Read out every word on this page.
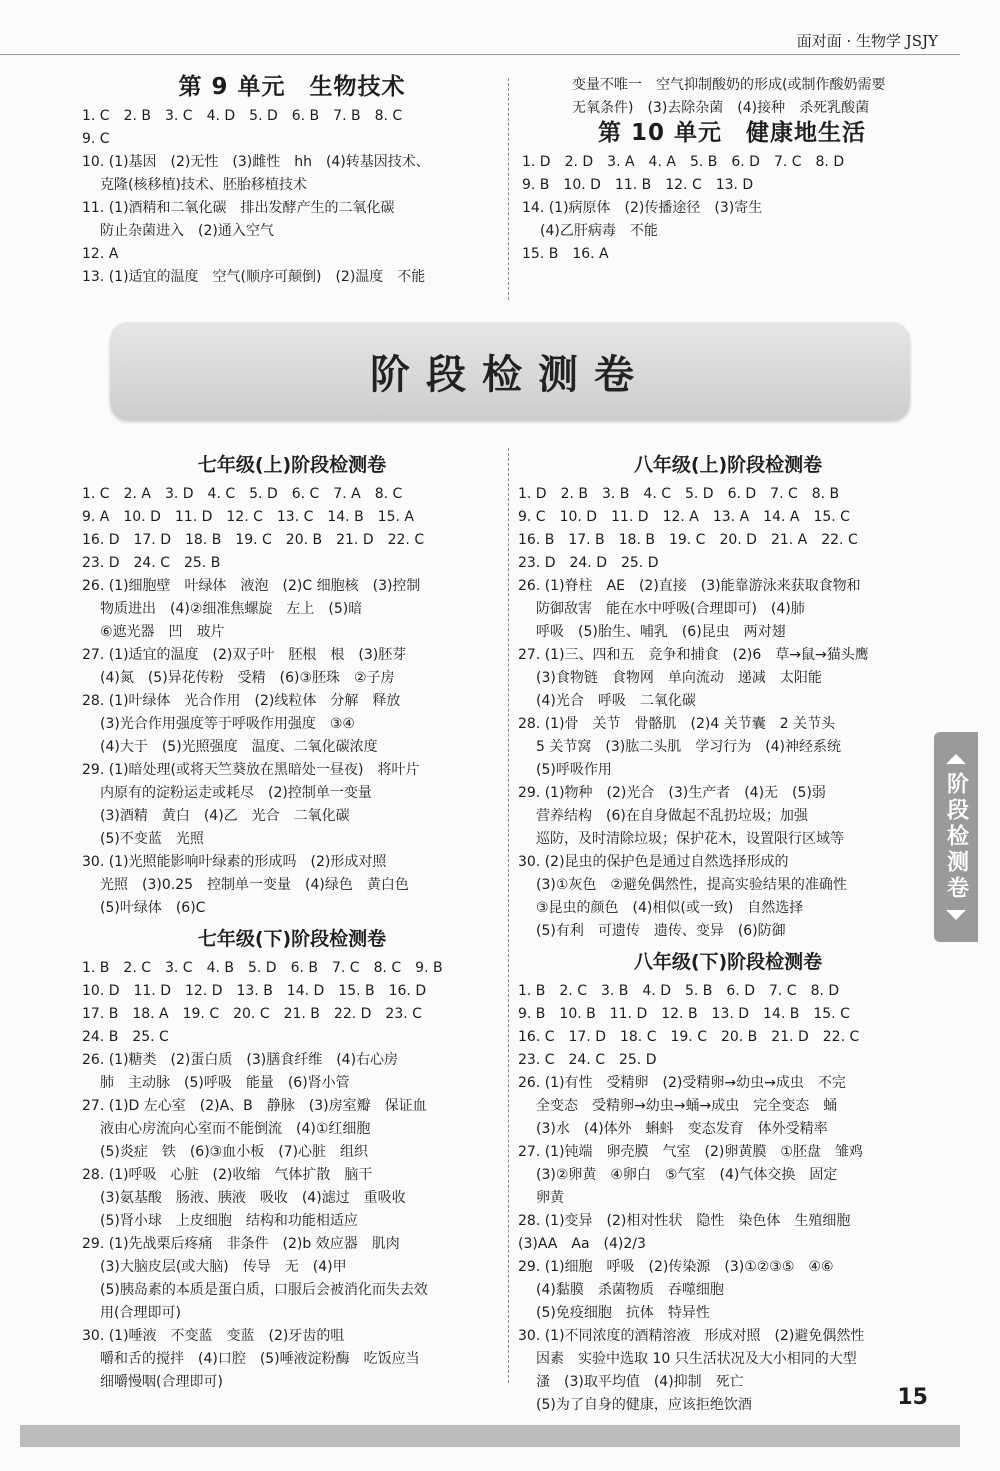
面对面 · 生物学 JSJY
第 9 单元　生物技术
1. C　2. B　3. C　4. D　5. D　6. B　7. B　8. C
9. C
10. (1)基因　(2)无性　(3)雌性　hh　(4)转基因技术、
克隆(核移植)技术、胚胎移植技术
11. (1)酒精和二氧化碳　排出发酵产生的二氧化碳
防止杂菌进入　(2)通入空气
12. A
13. (1)适宜的温度　空气(顺序可颠倒)　(2)温度　不能
变量不唯一　空气抑制酸奶的形成(或制作酸奶需要
无氧条件)　(3)去除杂菌　(4)接种　杀死乳酸菌
第 10 单元　健康地生活
1. D　2. D　3. A　4. A　5. B　6. D　7. C　8. D
9. B　10. D　11. B　12. C　13. D
14. (1)病原体　(2)传播途径　(3)寄生
(4)乙肝病毒　不能
15. B　16. A
阶段检测卷
七年级(上)阶段检测卷
1. C　2. A　3. D　4. C　5. D　6. C　7. A　8. C
9. A　10. D　11. D　12. C　13. C　14. B　15. A
16. D　17. D　18. B　19. C　20. B　21. D　22. C
23. D　24. C　25. B
26. (1)细胞壁　叶绿体　液泡　(2)C 细胞核　(3)控制
物质进出　(4)②细准焦螺旋　左上　(5)暗
⑥遮光器　凹　玻片
27. (1)适宜的温度　(2)双子叶　胚根　根　(3)胚芽
(4)氮　(5)异花传粉　受精　(6)③胚珠　②子房
28. (1)叶绿体　光合作用　(2)线粒体　分解　释放
(3)光合作用强度等于呼吸作用强度　③④
(4)大于　(5)光照强度　温度、二氧化碳浓度
29. (1)暗处理(或将天竺葵放在黑暗处一昼夜)　将叶片
内原有的淀粉运走或耗尽　(2)控制单一变量
(3)酒精　黄白　(4)乙　光合　二氧化碳
(5)不变蓝　光照
30. (1)光照能影响叶绿素的形成吗　(2)形成对照
光照　(3)0.25　控制单一变量　(4)绿色　黄白色
(5)叶绿体　(6)C
七年级(下)阶段检测卷
1. B　2. C　3. C　4. B　5. D　6. B　7. C　8. C　9. B
10. D　11. D　12. D　13. B　14. D　15. B　16. D
17. B　18. A　19. C　20. C　21. B　22. D　23. C
24. B　25. C
26. (1)糖类　(2)蛋白质　(3)膳食纤维　(4)右心房
肺　主动脉　(5)呼吸　能量　(6)肾小管
27. (1)D 左心室　(2)A、B　静脉　(3)房室瓣　保证血
液由心房流向心室而不能倒流　(4)①红细胞
(5)炎症　铁　(6)③血小板　(7)心脏　组织
28. (1)呼吸　心脏　(2)收缩　气体扩散　脑干
(3)氨基酸　肠液、胰液　吸收　(4)滤过　重吸收
(5)肾小球　上皮细胞　结构和功能相适应
29. (1)先战栗后疼痛　非条件　(2)b 效应器　肌肉
(3)大脑皮层(或大脑)　传导　无　(4)甲
(5)胰岛素的本质是蛋白质，口服后会被消化而失去效
用(合理即可)
30. (1)唾液　不变蓝　变蓝　(2)牙齿的咀
嚼和舌的搅拌　(4)口腔　(5)唾液淀粉酶　吃饭应当
细嚼慢咽(合理即可)
八年级(上)阶段检测卷
1. D　2. B　3. B　4. C　5. D　6. D　7. C　8. B
9. C　10. D　11. D　12. A　13. A　14. A　15. C
16. B　17. B　18. B　19. C　20. D　21. A　22. C
23. D　24. D　25. D
26. (1)脊柱　AE　(2)直接　(3)能靠游泳来获取食物和
防御敌害　能在水中呼吸(合理即可)　(4)肺
呼吸　(5)胎生、哺乳　(6)昆虫　两对翅
27. (1)三、四和五　竞争和捕食　(2)6　草→鼠→猫头鹰
(3)食物链　食物网　单向流动　递减　太阳能
(4)光合　呼吸　二氧化碳
28. (1)骨　关节　骨骼肌　(2)4 关节囊　2 关节头
5 关节窝　(3)肱二头肌　学习行为　(4)神经系统
(5)呼吸作用
29. (1)物种　(2)光合　(3)生产者　(4)无　(5)弱
营养结构　(6)在自身做起不乱扔垃圾；加强
巡防，及时清除垃圾；保护花木，设置限行区域等
30. (2)昆虫的保护色是通过自然选择形成的
(3)①灰色　②避免偶然性，提高实验结果的准确性
③昆虫的颜色　(4)相似(或一致)　自然选择
(5)有利　可遗传　遗传、变异　(6)防御
八年级(下)阶段检测卷
1. B　2. C　3. B　4. D　5. B　6. D　7. C　8. D
9. B　10. B　11. D　12. B　13. D　14. B　15. C
16. C　17. D　18. C　19. C　20. B　21. D　22. C
23. C　24. C　25. D
26. (1)有性　受精卵　(2)受精卵→幼虫→成虫　不完
全变态　受精卵→幼虫→蛹→成虫　完全变态　蛹
(3)水　(4)体外　蝌蚪　变态发育　体外受精率
27. (1)钝端　卵壳膜　气室　(2)卵黄膜　①胚盘　雏鸡
(3)②卵黄　④卵白　⑤气室　(4)气体交换　固定
卵黄
28. (1)变异　(2)相对性状　隐性　染色体　生殖细胞
(3)AA　Aa　(4)2/3
29. (1)细胞　呼吸　(2)传染源　(3)①②③⑤　④⑥
(4)黏膜　杀菌物质　吞噬细胞
(5)免疫细胞　抗体　特异性
30. (1)不同浓度的酒精溶液　形成对照　(2)避免偶然性
因素　实验中选取 10 只生活状况及大小相同的大型
溞　(3)取平均值　(4)抑制　死亡
(5)为了自身的健康，应该拒绝饮酒
阶段检测卷
15
